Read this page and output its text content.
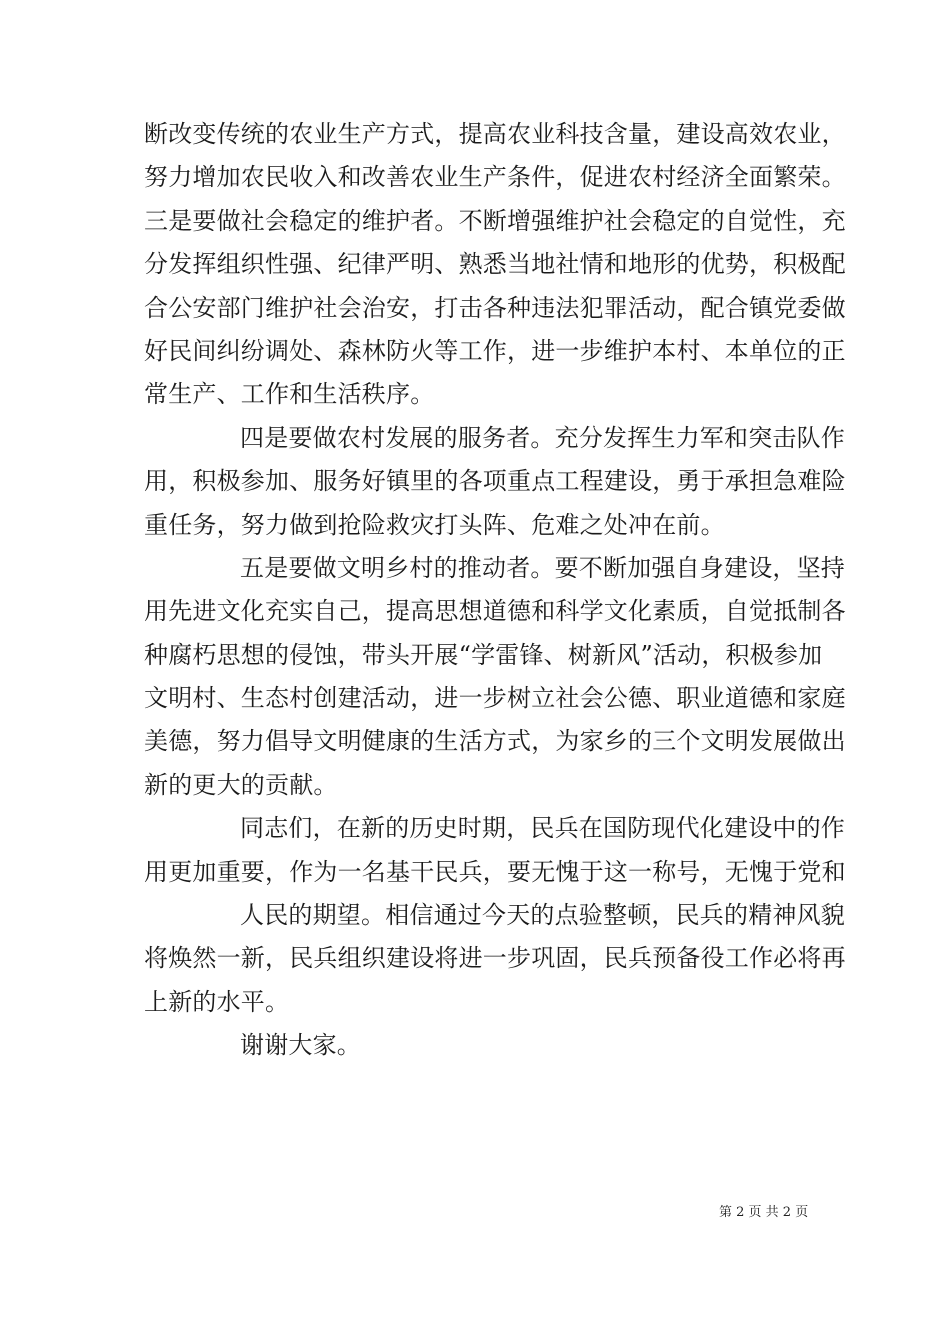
断改变传统的农业生产方式，提高农业科技含量，建设高效农业，
努力增加农民收入和改善农业生产条件，促进农村经济全面繁荣。
三是要做社会稳定的维护者。不断增强维护社会稳定的自觉性，充
分发挥组织性强、纪律严明、熟悉当地社情和地形的优势，积极配
合公安部门维护社会治安，打击各种违法犯罪活动，配合镇党委做
好民间纠纷调处、森林防火等工作，进一步维护本村、本单位的正
常生产、工作和生活秩序。
四是要做农村发展的服务者。充分发挥生力军和突击队作
用，积极参加、服务好镇里的各项重点工程建设，勇于承担急难险
重任务，努力做到抢险救灾打头阵、危难之处冲在前。
五是要做文明乡村的推动者。要不断加强自身建设，坚持
用先进文化充实自己，提高思想道德和科学文化素质，自觉抵制各
种腐朽思想的侵蚀，带头开展“学雷锋、树新风”活动，积极参加
文明村、生态村创建活动，进一步树立社会公德、职业道德和家庭
美德，努力倡导文明健康的生活方式，为家乡的三个文明发展做出
新的更大的贡献。
同志们，在新的历史时期，民兵在国防现代化建设中的作
用更加重要，作为一名基干民兵，要无愧于这一称号，无愧于党和
人民的期望。相信通过今天的点验整顿，民兵的精神风貌
将焕然一新，民兵组织建设将进一步巩固，民兵预备役工作必将再
上新的水平。
谢谢大家。
第 2 页 共 2 页
